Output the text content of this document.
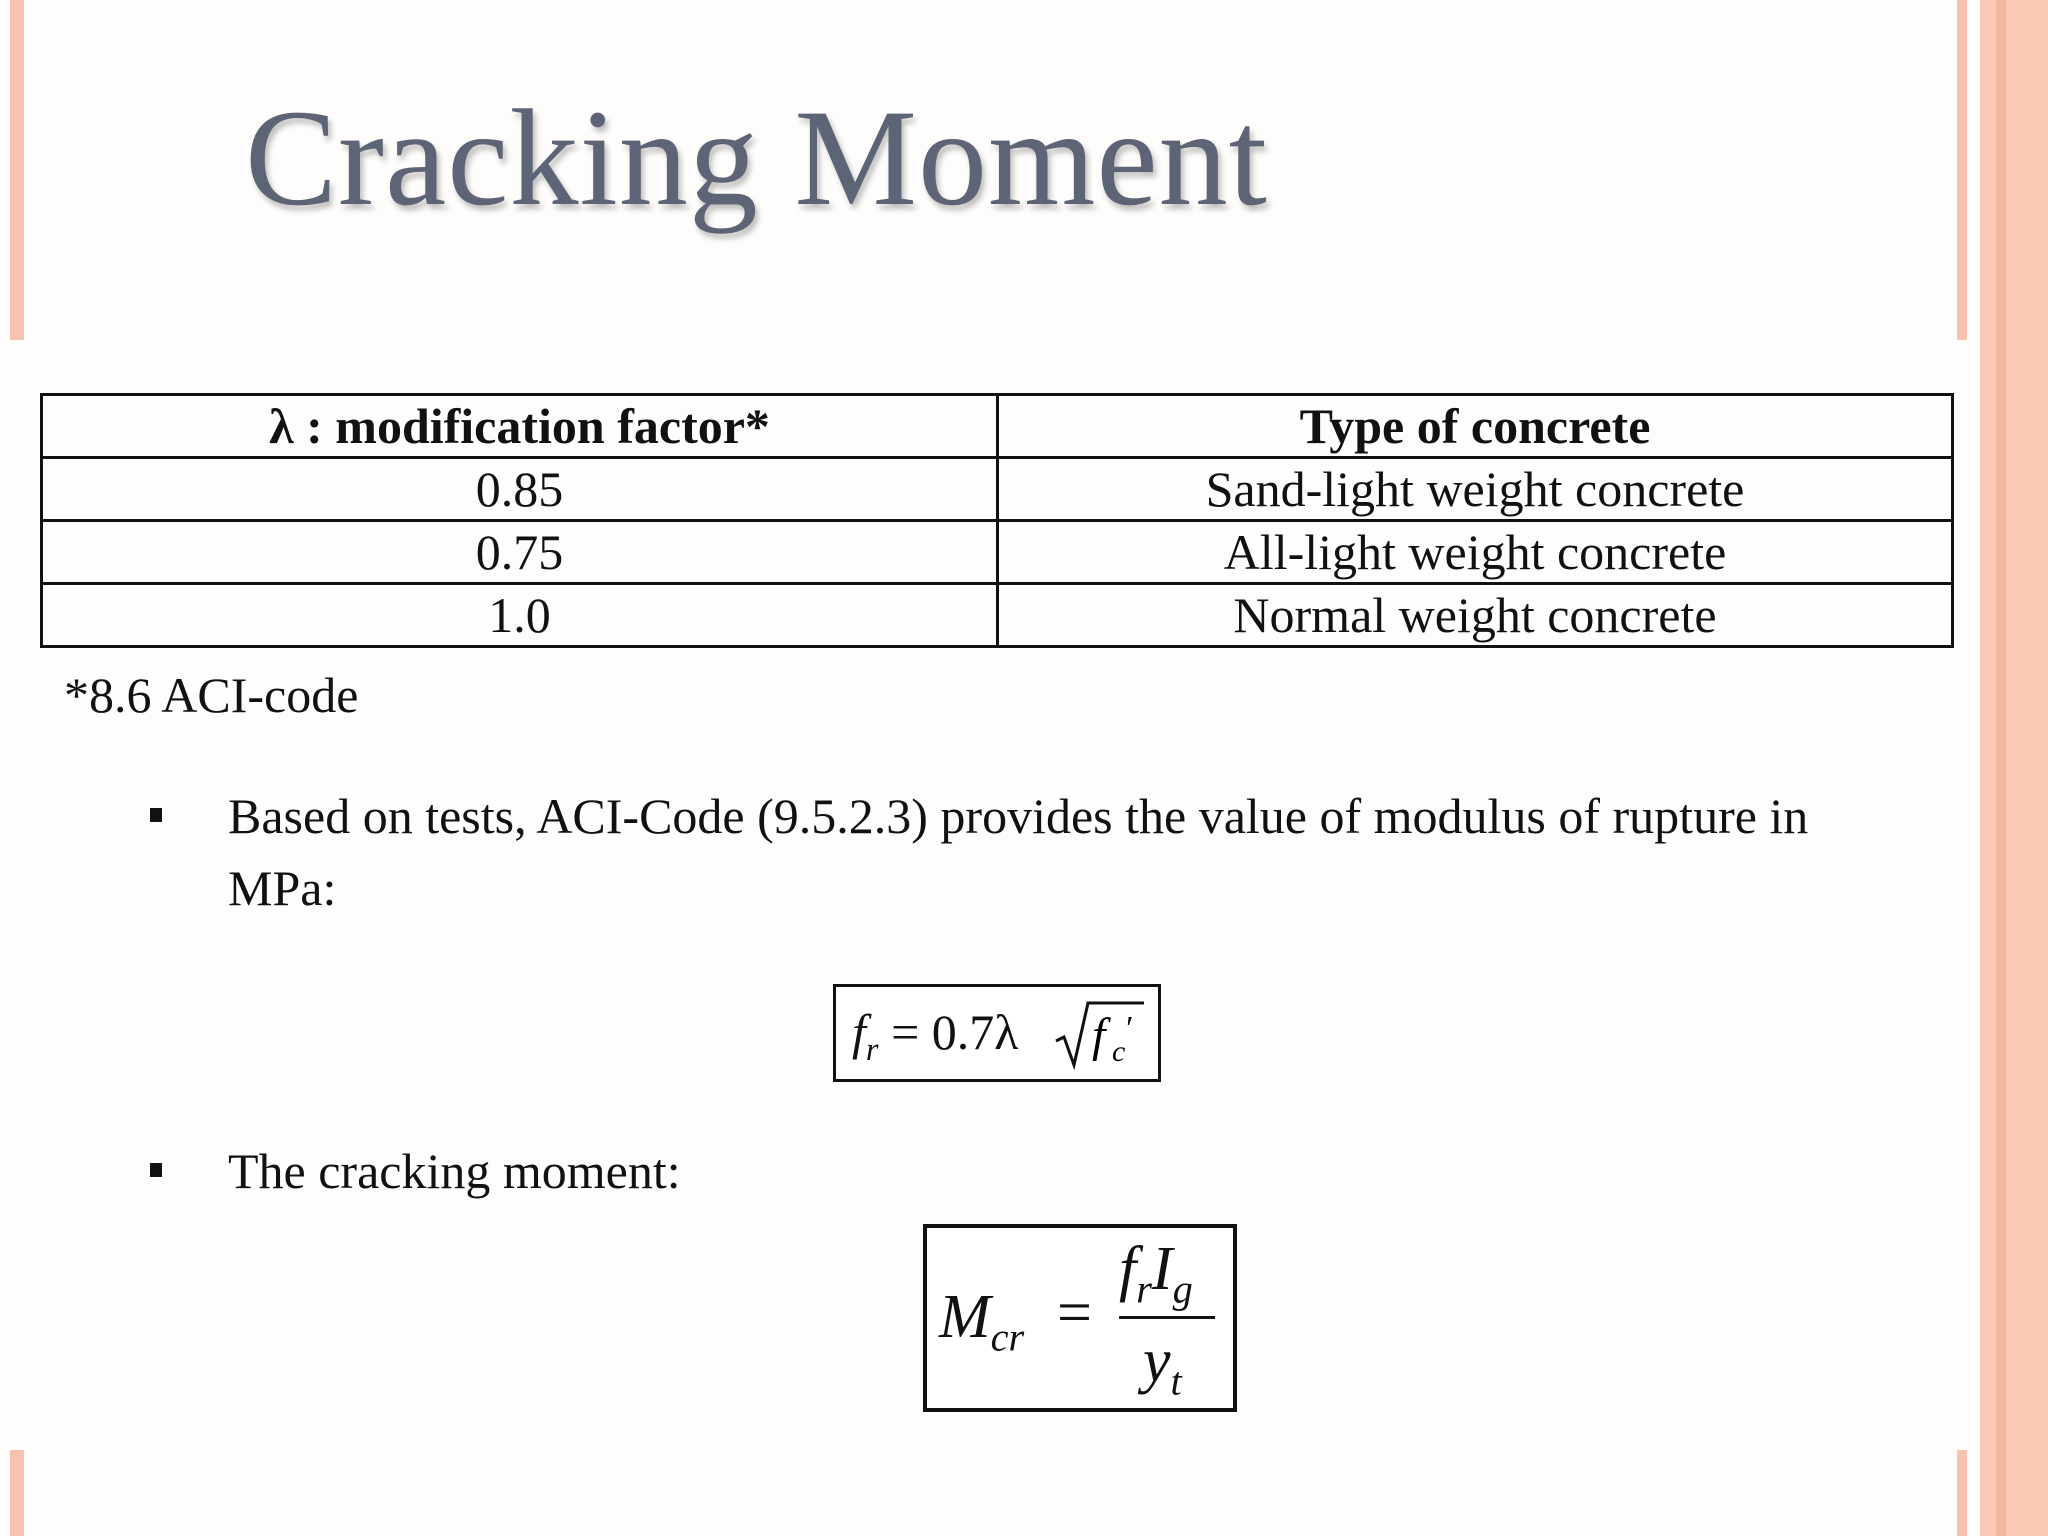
Cracking Moment
λ : modification factor*	Type of concrete
0.85	Sand-light weight concrete
0.75	All-light weight concrete
1.0	Normal weight concrete
*8.6 ACI-code
Based on tests, ACI-Code (9.5.2.3) provides the value of modulus of rupture in MPa:
$f_r = 0.7\lambda$ f c
′
The cracking moment:
$M_{cr}$ =
$f_rI_g$
$y_t$
